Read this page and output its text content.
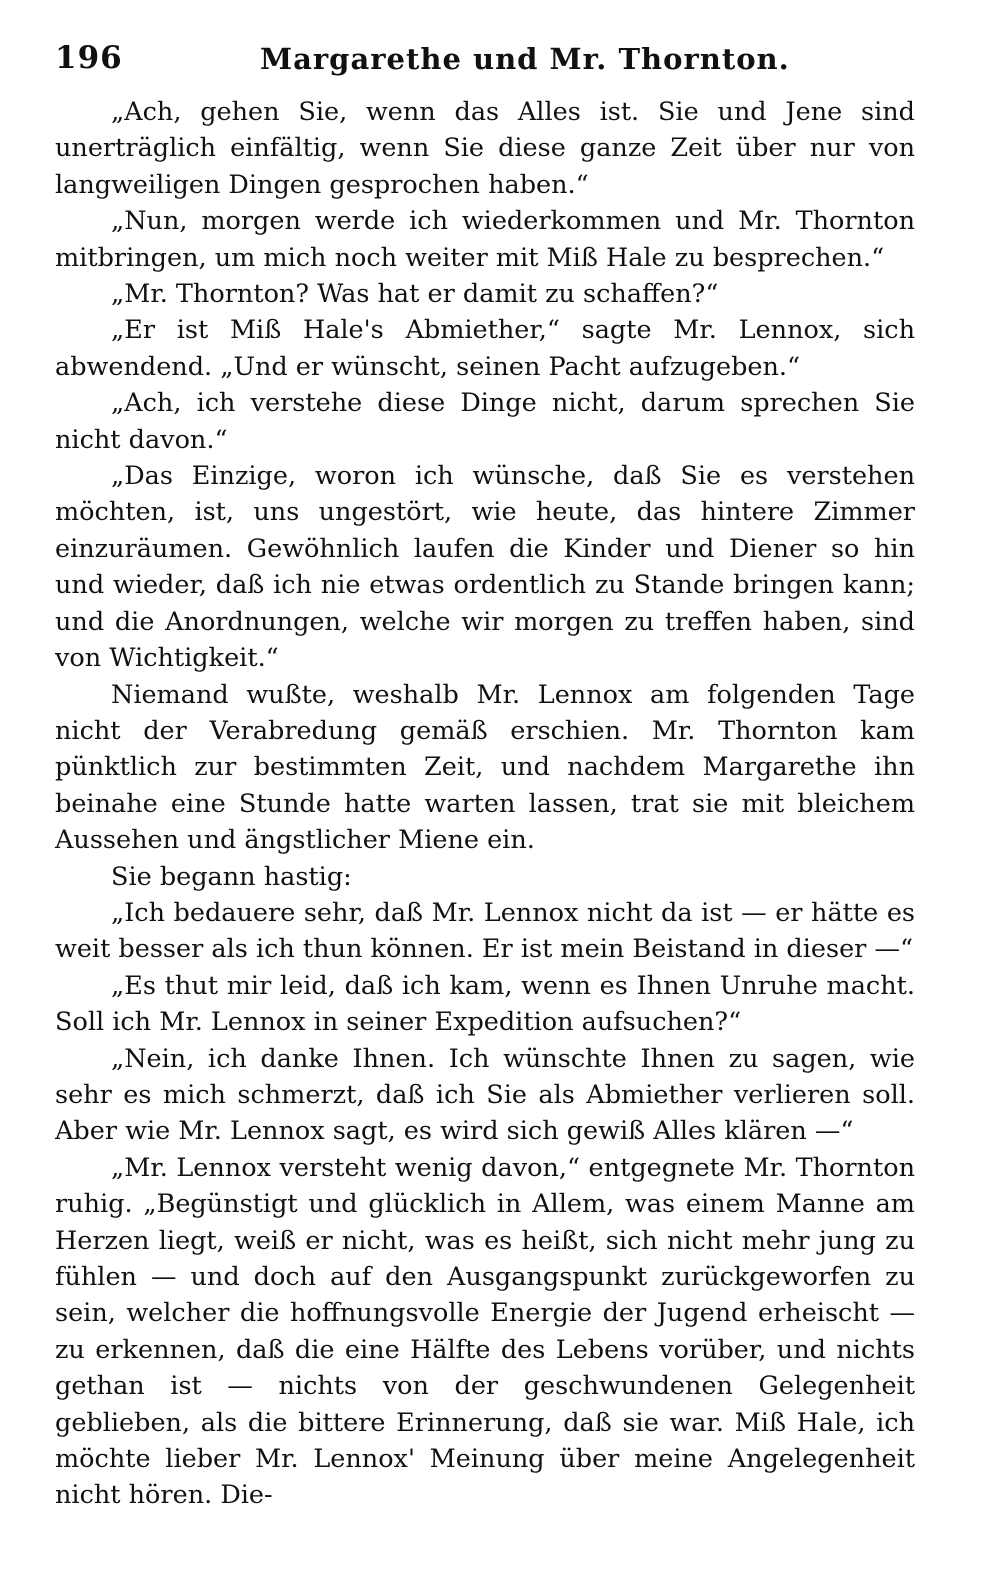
196	Margarethe und Mr. Thornton.

„Ach, gehen Sie, wenn das Alles ist. Sie und Jene sind unerträglich einfältig, wenn Sie diese ganze Zeit über nur von langweiligen Dingen gesprochen haben.“

„Nun, morgen werde ich wiederkommen und Mr. Thornton mitbringen, um mich noch weiter mit Miß Hale zu besprechen.“

„Mr. Thornton? Was hat er damit zu schaffen?“

„Er ist Miß Hale's Abmiether,“ sagte Mr. Lennox, sich abwendend. „Und er wünscht, seinen Pacht aufzugeben.“

„Ach, ich verstehe diese Dinge nicht, darum sprechen Sie nicht davon.“

„Das Einzige, woron ich wünsche, daß Sie es verstehen möchten, ist, uns ungestört, wie heute, das hintere Zimmer einzuräumen. Gewöhnlich laufen die Kinder und Diener so hin und wieder, daß ich nie etwas ordentlich zu Stande bringen kann; und die Anordnungen, welche wir morgen zu treffen haben, sind von Wichtigkeit.“

Niemand wußte, weshalb Mr. Lennox am folgenden Tage nicht der Verabredung gemäß erschien. Mr. Thornton kam pünktlich zur bestimmten Zeit, und nachdem Margarethe ihn beinahe eine Stunde hatte warten lassen, trat sie mit bleichem Aussehen und ängstlicher Miene ein.

Sie begann hastig:

„Ich bedauere sehr, daß Mr. Lennox nicht da ist — er hätte es weit besser als ich thun können. Er ist mein Beistand in dieser —“

„Es thut mir leid, daß ich kam, wenn es Ihnen Unruhe macht. Soll ich Mr. Lennox in seiner Expedition aufsuchen?“

„Nein, ich danke Ihnen. Ich wünschte Ihnen zu sagen, wie sehr es mich schmerzt, daß ich Sie als Abmiether verlieren soll. Aber wie Mr. Lennox sagt, es wird sich gewiß Alles klären —“

„Mr. Lennox versteht wenig davon,“ entgegnete Mr. Thornton ruhig. „Begünstigt und glücklich in Allem, was einem Manne am Herzen liegt, weiß er nicht, was es heißt, sich nicht mehr jung zu fühlen — und doch auf den Ausgangspunkt zurückgeworfen zu sein, welcher die hoffnungsvolle Energie der Jugend erheischt — zu erkennen, daß die eine Hälfte des Lebens vorüber, und nichts gethan ist — nichts von der geschwundenen Gelegenheit geblieben, als die bittere Erinnerung, daß sie war. Miß Hale, ich möchte lieber Mr. Lennox' Meinung über meine Angelegenheit nicht hören. Die-
